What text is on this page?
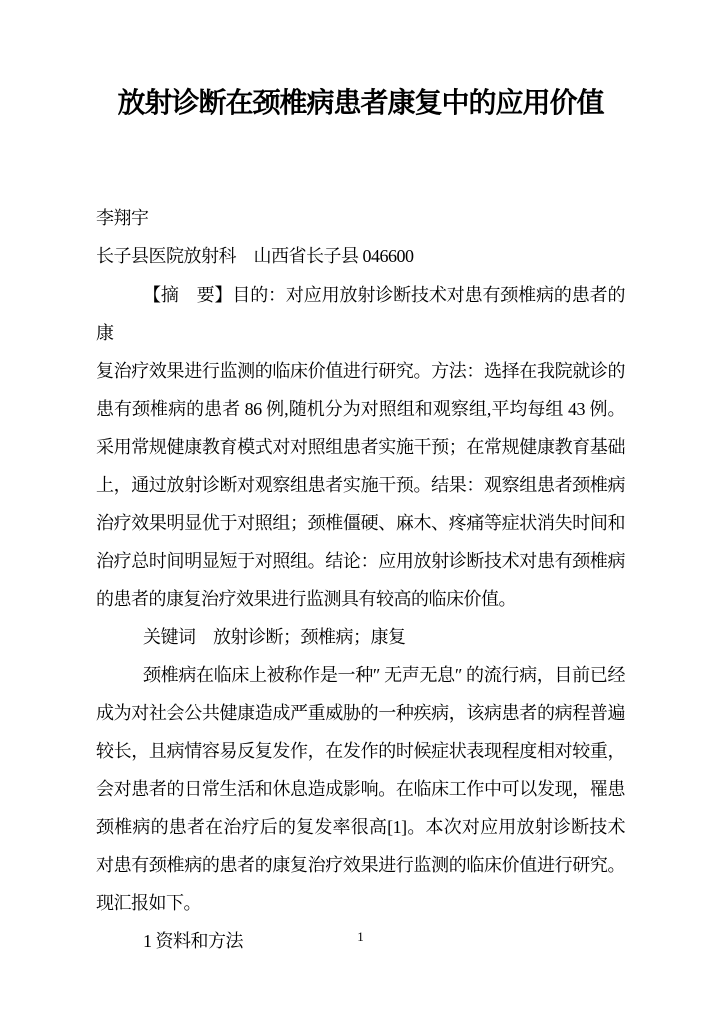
放射诊断在颈椎病患者康复中的应用价值
李翔宇
长子县医院放射科　山西省长子县 046600
【摘　要】目的：对应用放射诊断技术对患有颈椎病的患者的康
复治疗效果进行监测的临床价值进行研究。方法：选择在我院就诊的
患有颈椎病的患者 86 例,随机分为对照组和观察组,平均每组 43 例。
采用常规健康教育模式对对照组患者实施干预；在常规健康教育基础
上，通过放射诊断对观察组患者实施干预。结果：观察组患者颈椎病
治疗效果明显优于对照组；颈椎僵硬、麻木、疼痛等症状消失时间和
治疗总时间明显短于对照组。结论：应用放射诊断技术对患有颈椎病
的患者的康复治疗效果进行监测具有较高的临床价值。
关键词　放射诊断；颈椎病；康复
颈椎病在临床上被称作是一种″ 无声无息″ 的流行病，目前已经
成为对社会公共健康造成严重威胁的一种疾病，该病患者的病程普遍
较长，且病情容易反复发作，在发作的时候症状表现程度相对较重，
会对患者的日常生活和休息造成影响。在临床工作中可以发现，罹患
颈椎病的患者在治疗后的复发率很高[1]。本次对应用放射诊断技术
对患有颈椎病的患者的康复治疗效果进行监测的临床价值进行研究。
现汇报如下。
1 资料和方法	1
